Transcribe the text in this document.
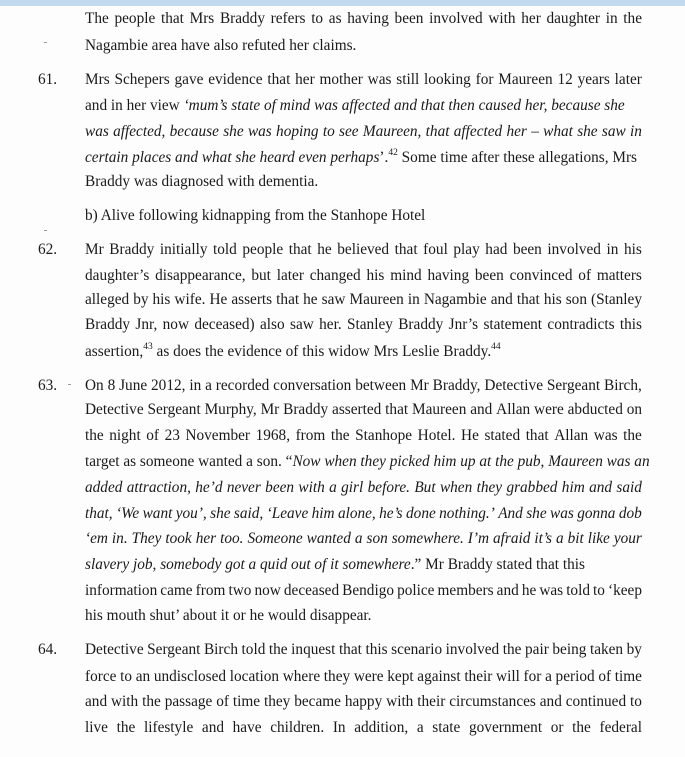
The people that Mrs Braddy refers to as having been involved with her daughter in the
Nagambie area have also refuted her claims.
61. Mrs Schepers gave evidence that her mother was still looking for Maureen 12 years later
and in her view ‘mum’s state of mind was affected and that then caused her, because she
was affected, because she was hoping to see Maureen, that affected her – what she saw in
certain places and what she heard even perhaps’.$^{42}$ Some time after these allegations, Mrs
Braddy was diagnosed with dementia.
b) Alive following kidnapping from the Stanhope Hotel
62. Mr Braddy initially told people that he believed that foul play had been involved in his
daughter’s disappearance, but later changed his mind having been convinced of matters
alleged by his wife. He asserts that he saw Maureen in Nagambie and that his son (Stanley
Braddy Jnr, now deceased) also saw her. Stanley Braddy Jnr’s statement contradicts this
assertion,$^{43}$ as does the evidence of this widow Mrs Leslie Braddy.$^{44}$
63. On 8 June 2012, in a recorded conversation between Mr Braddy, Detective Sergeant Birch,
Detective Sergeant Murphy, Mr Braddy asserted that Maureen and Allan were abducted on
the night of 23 November 1968, from the Stanhope Hotel. He stated that Allan was the
target as someone wanted a son. “Now when they picked him up at the pub, Maureen was an
added attraction, he’d never been with a girl before. But when they grabbed him and said
that, ‘We want you’, she said, ‘Leave him alone, he’s done nothing.’ And she was gonna dob
‘em in. They took her too. Someone wanted a son somewhere. I’m afraid it’s a bit like your
slavery job, somebody got a quid out of it somewhere.” Mr Braddy stated that this
information came from two now deceased Bendigo police members and he was told to ‘keep
his mouth shut’ about it or he would disappear.
64. Detective Sergeant Birch told the inquest that this scenario involved the pair being taken by
force to an undisclosed location where they were kept against their will for a period of time
and with the passage of time they became happy with their circumstances and continued to
live the lifestyle and have children. In addition, a state government or the federal
